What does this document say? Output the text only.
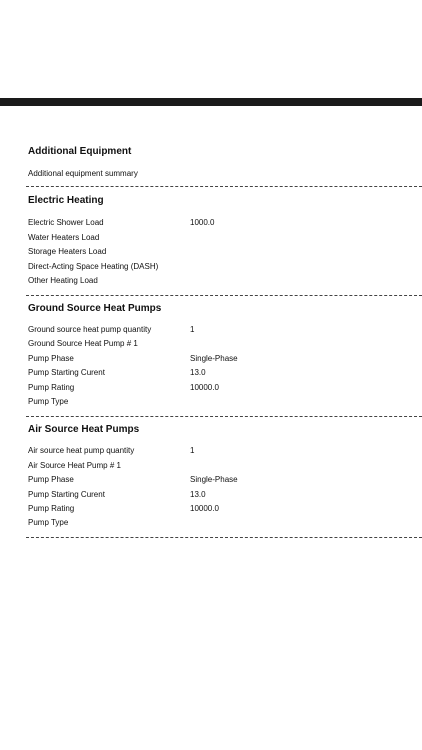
Additional Equipment
Additional equipment summary
Electric Heating
Electric Shower Load	1000.0
Water Heaters Load
Storage Heaters Load
Direct-Acting Space Heating (DASH)
Other Heating Load
Ground Source Heat Pumps
Ground source heat pump quantity	1
Ground Source Heat Pump # 1
Pump Phase	Single-Phase
Pump Starting Curent	13.0
Pump Rating	10000.0
Pump Type
Air Source Heat Pumps
Air source heat pump quantity	1
Air Source Heat Pump # 1
Pump Phase	Single-Phase
Pump Starting Curent	13.0
Pump Rating	10000.0
Pump Type
